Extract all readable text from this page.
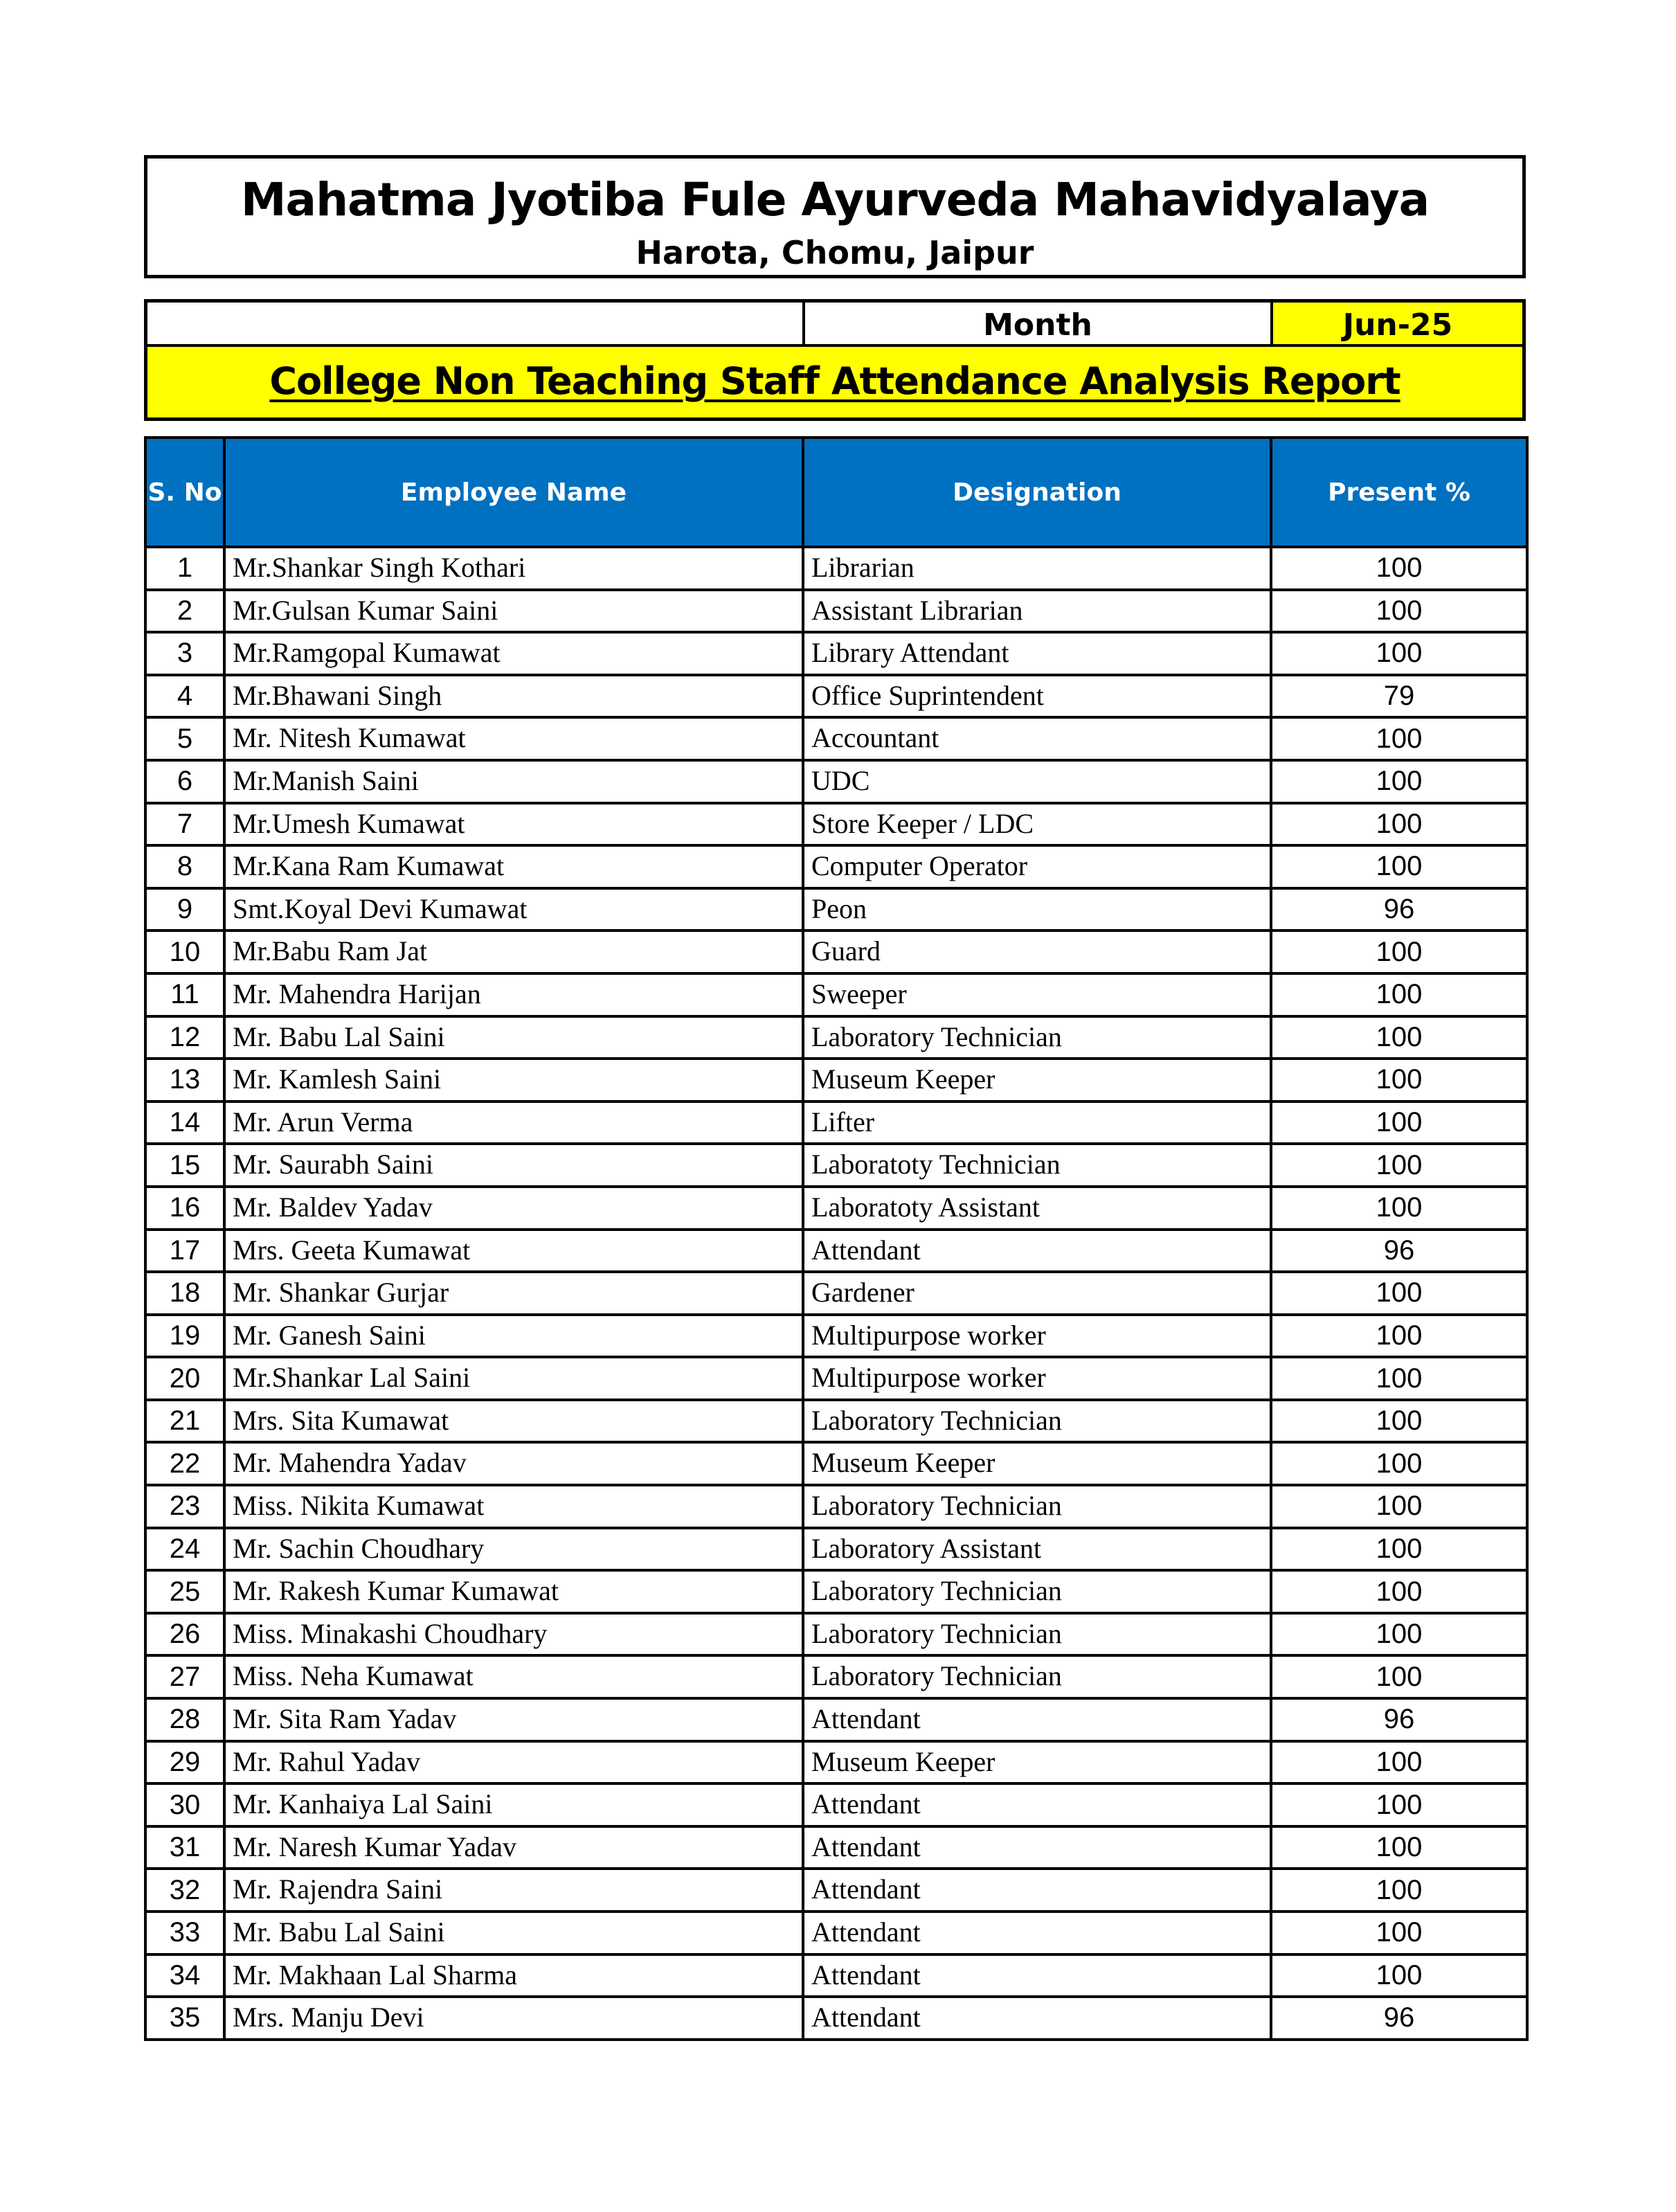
Mahatma Jyotiba Fule Ayurveda Mahavidyalaya
Harota, Chomu, Jaipur
Month	Jun-25
College Non Teaching Staff Attendance Analysis Report
S. No	Employee Name	Designation	Present %
1	Mr.Shankar Singh Kothari	Librarian	100
2	Mr.Gulsan Kumar Saini	Assistant Librarian	100
3	Mr.Ramgopal Kumawat	Library Attendant	100
4	Mr.Bhawani Singh	Office Suprintendent	79
5	Mr. Nitesh Kumawat	Accountant	100
6	Mr.Manish Saini	UDC	100
7	Mr.Umesh Kumawat	Store Keeper / LDC	100
8	Mr.Kana Ram Kumawat	Computer Operator	100
9	Smt.Koyal Devi Kumawat	Peon	96
10	Mr.Babu Ram Jat	Guard	100
11	Mr. Mahendra Harijan	Sweeper	100
12	Mr. Babu Lal Saini	Laboratory Technician	100
13	Mr. Kamlesh Saini	Museum Keeper	100
14	Mr. Arun Verma	Lifter	100
15	Mr. Saurabh Saini	Laboratoty Technician	100
16	Mr. Baldev Yadav	Laboratoty Assistant	100
17	Mrs. Geeta Kumawat	Attendant	96
18	Mr. Shankar Gurjar	Gardener	100
19	Mr. Ganesh Saini	Multipurpose worker	100
20	Mr.Shankar Lal Saini	Multipurpose worker	100
21	Mrs. Sita Kumawat	Laboratory Technician	100
22	Mr. Mahendra Yadav	Museum Keeper	100
23	Miss. Nikita Kumawat	Laboratory Technician	100
24	Mr. Sachin Choudhary	Laboratory Assistant	100
25	Mr. Rakesh Kumar Kumawat	Laboratory Technician	100
26	Miss. Minakashi Choudhary	Laboratory Technician	100
27	Miss. Neha Kumawat	Laboratory Technician	100
28	Mr. Sita Ram Yadav	Attendant	96
29	Mr. Rahul Yadav	Museum Keeper	100
30	Mr. Kanhaiya Lal Saini	Attendant	100
31	Mr. Naresh Kumar Yadav	Attendant	100
32	Mr. Rajendra Saini	Attendant	100
33	Mr. Babu Lal Saini	Attendant	100
34	Mr. Makhaan Lal Sharma	Attendant	100
35	Mrs. Manju Devi	Attendant	96
